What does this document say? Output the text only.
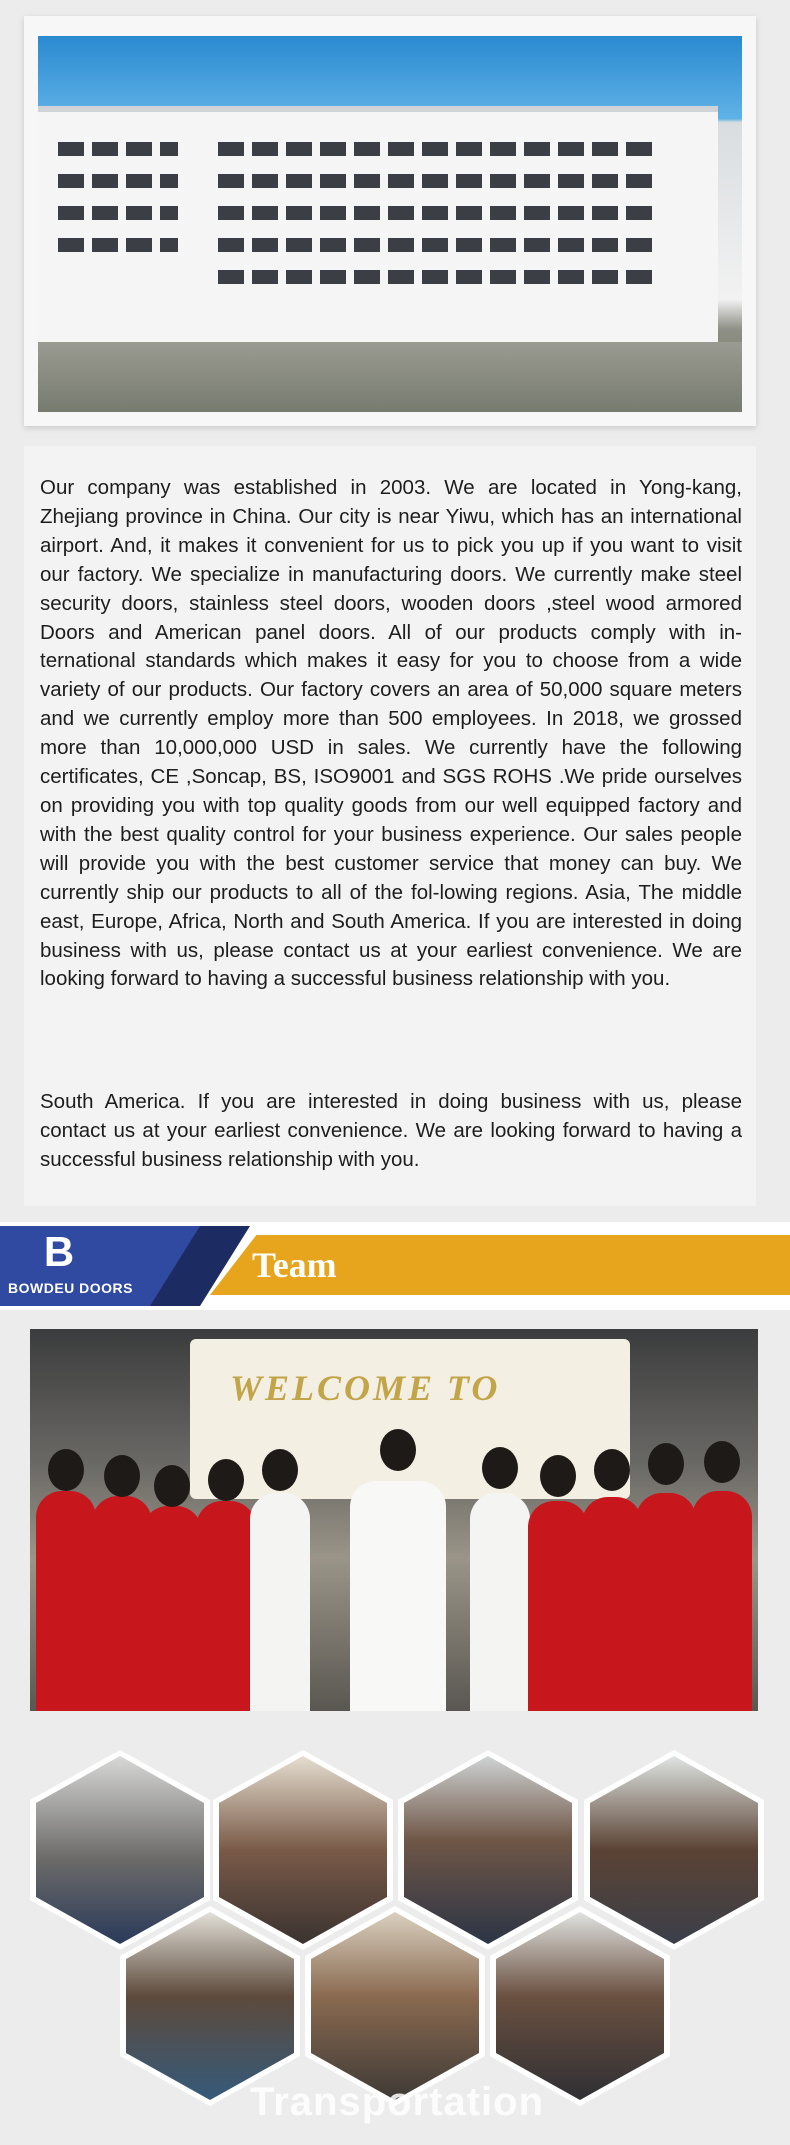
Our company was established in 2003. We are located in Yong-kang, Zhejiang province in China. Our city is near Yiwu, which has an international airport. And, it makes it convenient for us to pick you up if you want to visit our factory. We specialize in manufacturing doors. We currently make steel security doors, stainless steel doors, wooden doors ,steel wood armored Doors and American panel doors. All of our products comply with in-ternational standards which makes it easy for you to choose from a wide variety of our products. Our factory covers an area of 50,000 square meters and we currently employ more than 500 employees. In 2018, we grossed more than 10,000,000 USD in sales. We currently have the following certificates, CE ,Soncap, BS, ISO9001 and SGS ROHS .We pride ourselves on providing you with top quality goods from our well equipped factory and with the best quality control for your business experience. Our sales people will provide you with the best customer service that money can buy. We currently ship our products to all of the fol-lowing regions. Asia, The middle east, Europe, Africa, North and South America. If you are interested in doing business with us, please contact us at your earliest convenience. We are looking forward to having a successful business relationship with you.

South America. If you are interested in doing business with us, please contact us at your earliest convenience. We are looking forward to having a successful business relationship with you.

B
BOWDEU DOORS
Team
WELCOME TO
Transportation
